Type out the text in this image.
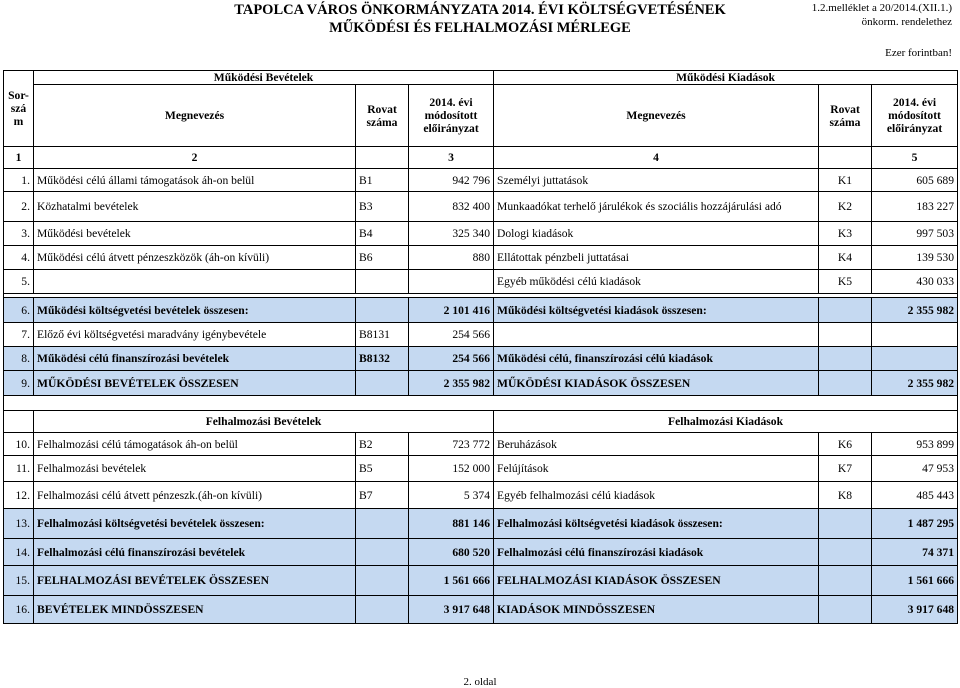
TAPOLCA VÁROS ÖNKORMÁNYZATA 2014. ÉVI KÖLTSÉGVETÉSÉNEK
MŰKÖDÉSI ÉS FELHALMOZÁSI MÉRLEGE
1.2.melléklet a 20/2014.(XII.1.)
önkorm. rendelethez
Ezer forintban!
Sor-szá m	Működési Bevételek			Működési Kiadások		
	Megnevezés	Rovat száma	2014. évi módosított előirányzat	Megnevezés	Rovat száma	2014. évi módosított előirányzat
1	2		3	4		5
1.	Működési célú állami támogatások áh-on belül	B1	942 796	Személyi juttatások	K1	605 689
2.	Közhatalmi bevételek	B3	832 400	Munkaadókat terhelő járulékok és szociális hozzájárulási adó	K2	183 227
3.	Működési bevételek	B4	325 340	Dologi kiadások	K3	997 503
4.	Működési célú átvett pénzeszközök (áh-on kívüli)	B6	880	Ellátottak pénzbeli juttatásai	K4	139 530
5.				Egyéb működési célú kiadások	K5	430 033

6.	Működési költségvetési bevételek összesen:		2 101 416	Működési költségvetési kiadások összesen:		2 355 982
7.	Előző évi költségvetési maradvány igénybevétele	B8131	254 566			
8.	Működési célú finanszírozási bevételek	B8132	254 566	Működési célú, finanszírozási célú kiadások		
9.	MŰKÖDÉSI BEVÉTELEK ÖSSZESEN		2 355 982	MŰKÖDÉSI KIADÁSOK ÖSSZESEN		2 355 982

	Felhalmozási Bevételek			Felhalmozási Kiadások		
10.	Felhalmozási célú támogatások áh-on belül	B2	723 772	Beruházások	K6	953 899
11.	Felhalmozási bevételek	B5	152 000	Felújítások	K7	47 953
12.	Felhalmozási célú átvett pénzeszk.(áh-on kívüli)	B7	5 374	Egyéb felhalmozási célú kiadások	K8	485 443
13.	Felhalmozási költségvetési bevételek összesen:		881 146	Felhalmozási költségvetési kiadások összesen:		1 487 295
14.	Felhalmozási célú finanszírozási bevételek		680 520	Felhalmozási célú finanszírozási kiadások		74 371
15.	FELHALMOZÁSI BEVÉTELEK ÖSSZESEN		1 561 666	FELHALMOZÁSI KIADÁSOK ÖSSZESEN		1 561 666
16.	BEVÉTELEK MINDÖSSZESEN		3 917 648	KIADÁSOK MINDÖSSZESEN		3 917 648
2. oldal
